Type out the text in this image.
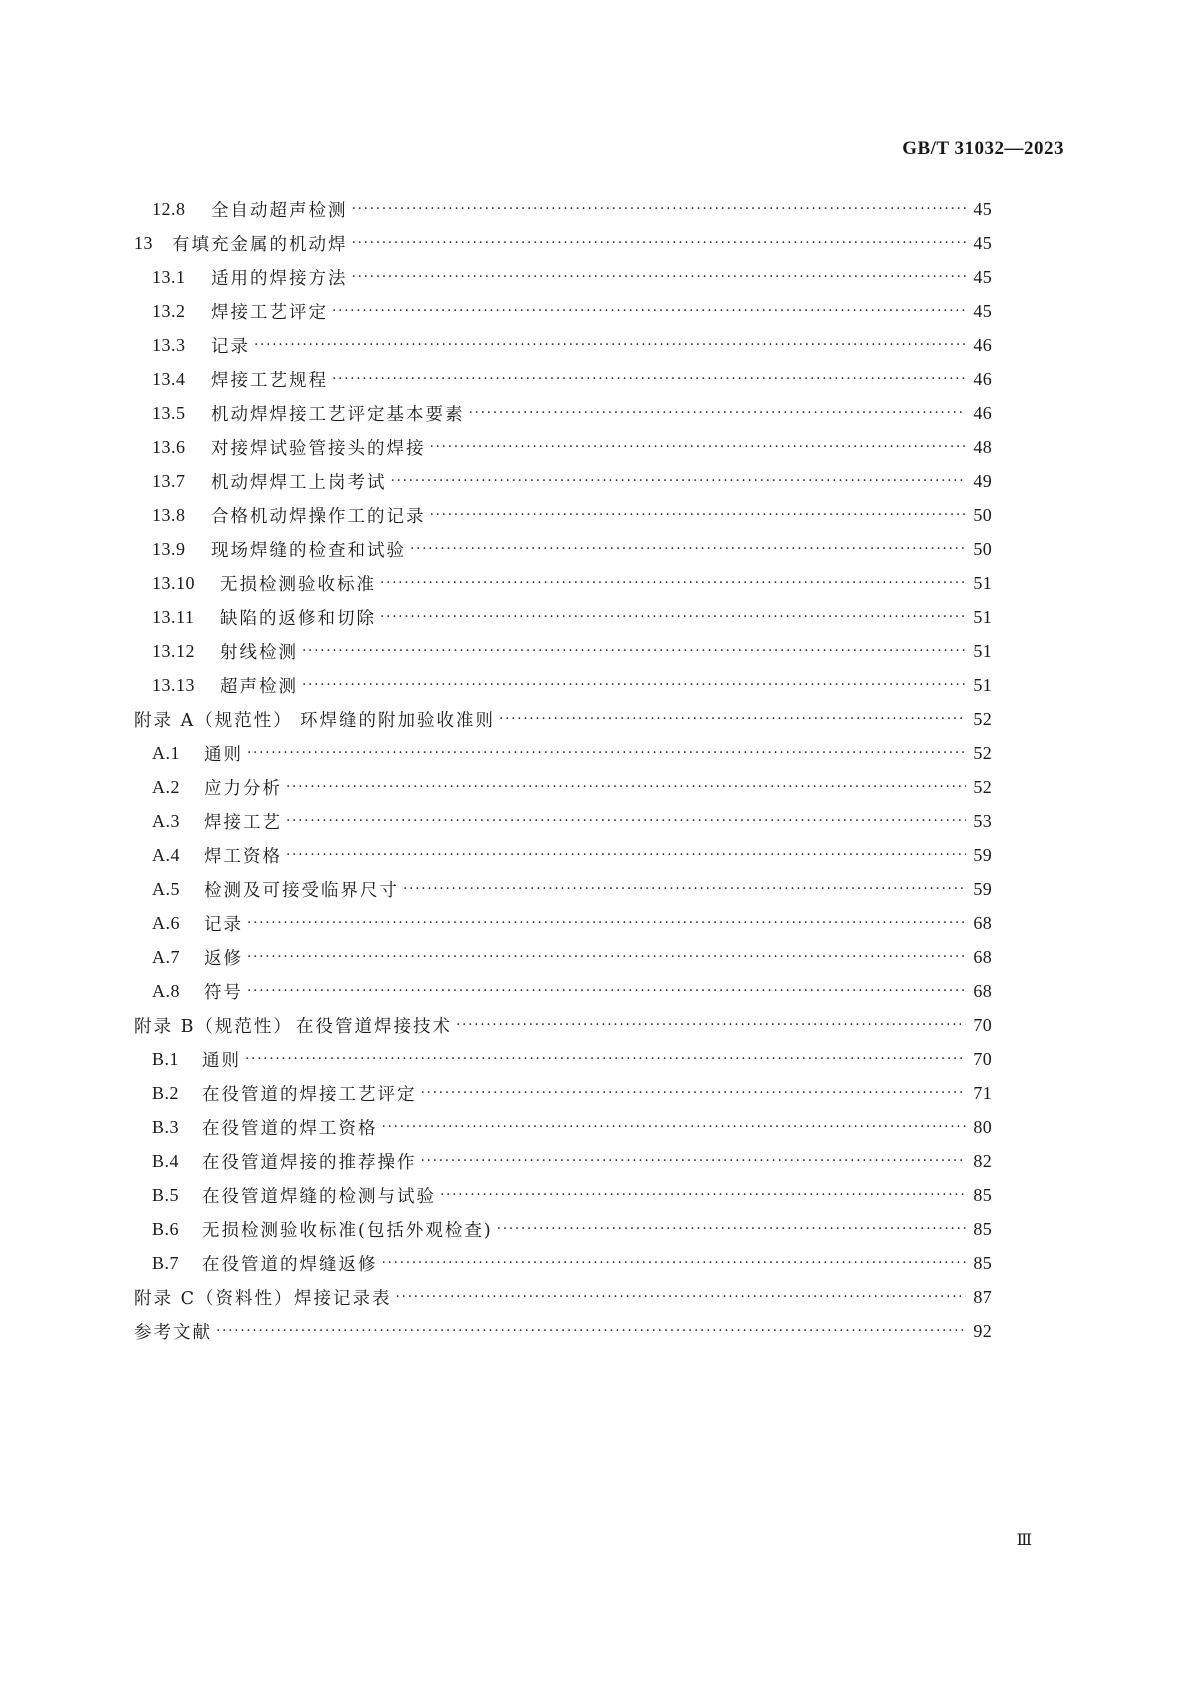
GB/T 31032—2023
12.8	全自动超声检测 ·····	45
13	有填充金属的机动焊 ·····	45
13.1	适用的焊接方法 ·····	45
13.2	焊接工艺评定 ·····	45
13.3	记录 ·····	46
13.4	焊接工艺规程 ·····	46
13.5	机动焊焊接工艺评定基本要素 ·····	46
13.6	对接焊试验管接头的焊接 ·····	48
13.7	机动焊焊工上岗考试 ·····	49
13.8	合格机动焊操作工的记录 ·····	50
13.9	现场焊缝的检查和试验 ·····	50
13.10	无损检测验收标准 ·····	51
13.11	缺陷的返修和切除 ·····	51
13.12	射线检测 ·····	51
13.13	超声检测 ·····	51
附录 A（规范性） 环焊缝的附加验收准则 ·····	52
A.1	通则 ·····	52
A.2	应力分析 ·····	52
A.3	焊接工艺 ·····	53
A.4	焊工资格 ·····	59
A.5	检测及可接受临界尺寸 ·····	59
A.6	记录 ·····	68
A.7	返修 ·····	68
A.8	符号 ·····	68
附录 B（规范性） 在役管道焊接技术 ·····	70
B.1	通则 ·····	70
B.2	在役管道的焊接工艺评定 ·····	71
B.3	在役管道的焊工资格 ·····	80
B.4	在役管道焊接的推荐操作 ·····	82
B.5	在役管道焊缝的检测与试验 ·····	85
B.6	无损检测验收标准(包括外观检查) ·····	85
B.7	在役管道的焊缝返修 ·····	85
附录 C（资料性） 焊接记录表 ·····	87
参考文献 ·····	92
Ⅲ
